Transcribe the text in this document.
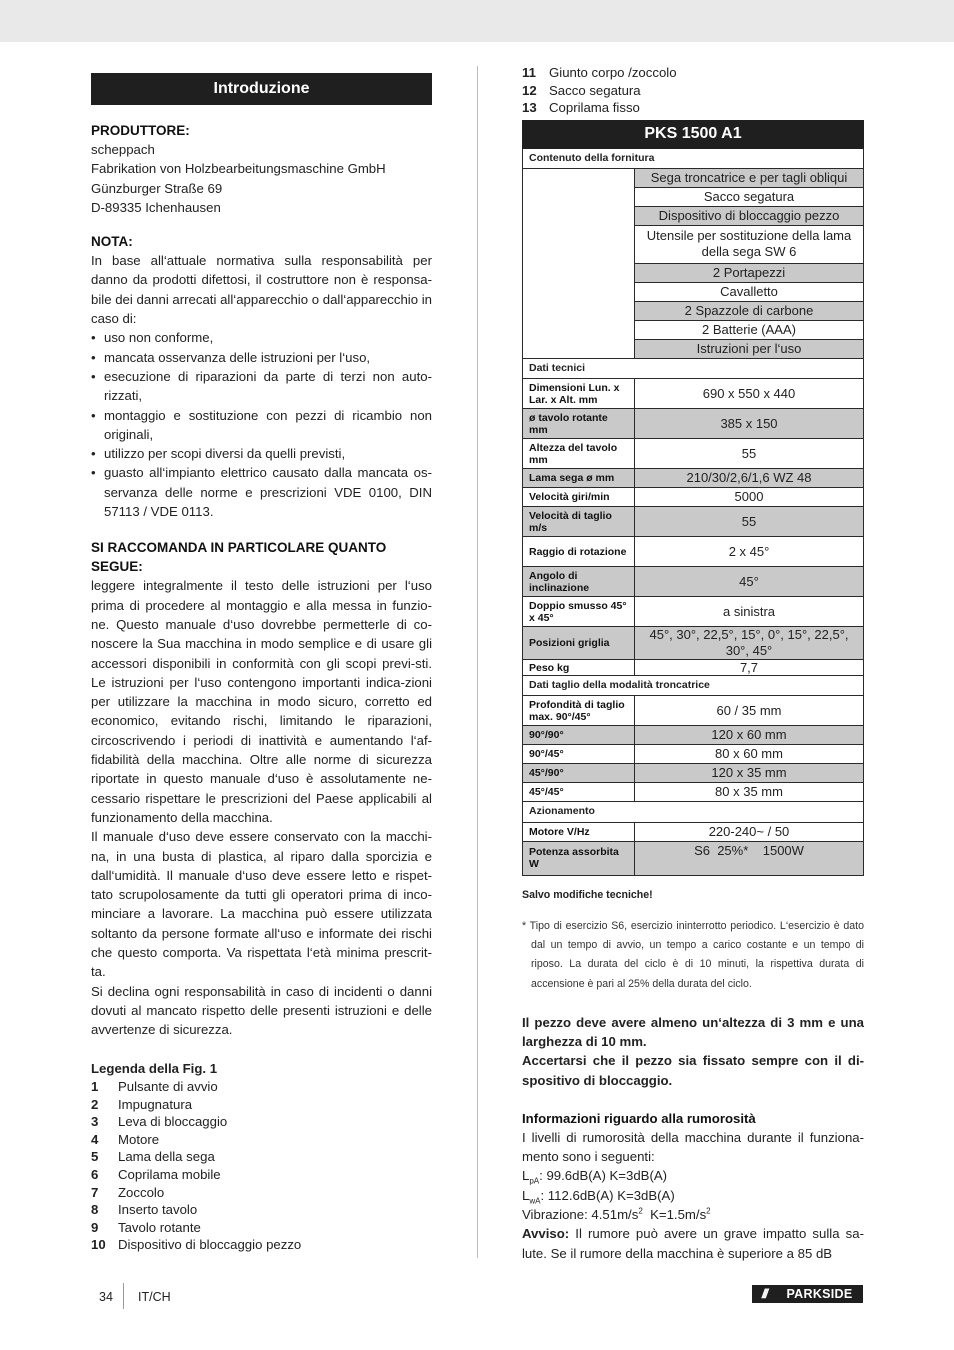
Introduzione
PRODUTTORE:
scheppach
Fabrikation von Holzbearbeitungsmaschine GmbH
Günzburger Straße 69
D-89335 Ichenhausen
NOTA:

In base all‘attuale normativa sulla responsabilità per danno da prodotti difettosi, il costruttore non è responsa-bile dei danni arrecati all‘apparecchio o dall‘apparecchio in caso di:

• uso non conforme,
• mancata osservanza delle istruzioni per l‘uso,
• esecuzione di riparazioni da parte di terzi non auto-rizzati,
• montaggio e sostituzione con pezzi di ricambio non originali,
• utilizzo per scopi diversi da quelli previsti,
• guasto all‘impianto elettrico causato dalla mancata os-servanza delle norme e prescrizioni VDE 0100, DIN 57113 / VDE 0113.
SI RACCOMANDA IN PARTICOLARE QUANTO SEGUE:

leggere integralmente il testo delle istruzioni per l‘uso prima di procedere al montaggio e alla messa in funzio-ne. Questo manuale d‘uso dovrebbe permetterle di co-noscere la Sua macchina in modo semplice e di usare gli accessori disponibili in conformità con gli scopi previ-sti. Le istruzioni per l‘uso contengono importanti indica-zioni per utilizzare la macchina in modo sicuro, corretto ed economico, evitando rischi, limitando le riparazioni, circoscrivendo i periodi di inattività e aumentando l‘af-fidabilità della macchina. Oltre alle norme di sicurezza riportate in questo manuale d‘uso è assolutamente ne-cessario rispettare le prescrizioni del Paese applicabili al funzionamento della macchina.

Il manuale d‘uso deve essere conservato con la macchi-na, in una busta di plastica, al riparo dalla sporcizia e dall‘umidità. Il manuale d‘uso deve essere letto e rispet-tato scrupolosamente da tutti gli operatori prima di inco-minciare a lavorare. La macchina può essere utilizzata soltanto da persone formate all‘uso e informate dei rischi che questo comporta. Va rispettata l‘età minima prescrit-ta.

Si declina ogni responsabilità in caso di incidenti o danni dovuti al mancato rispetto delle presenti istruzioni e delle avvertenze di sicurezza.

Legenda della Fig. 1
1	Pulsante di avvio
2	Impugnatura
3	Leva di bloccaggio
4	Motore
5	Lama della sega
6	Coprilama mobile
7	Zoccolo
8	Inserto tavolo
9	Tavolo rotante
10 Dispositivo di bloccaggio pezzo
11 Giunto corpo /zoccolo
12 Sacco segatura
13 Coprilama fisso
PKS 1500 A1	
Contenuto della fornitura	
	Sega troncatrice e per tagli obliqui
	Sacco segatura
	Dispositivo di bloccaggio pezzo
	Utensile per sostituzione della lama della sega SW 6
	2 Portapezzi
	Cavalletto
	2 Spazzole di carbone
	2 Batterie (AAA)
	Istruzioni per l‘uso
Dati tecnici	
Dimensioni Lun. x Lar. x Alt. mm	690 x 550 x 440
ø tavolo rotante mm	385 x 150
Altezza del tavolo mm	55
Lama sega ø mm	210/30/2,6/1,6 WZ 48
Velocità giri/min	5000
Velocità di taglio m/s	55
Raggio di rotazione	2 x 45°
Angolo di inclinazione	45°
Doppio smusso 45° x 45°	a sinistra
Posizioni griglia	45°, 30°, 22,5°, 15°, 0°, 15°, 22,5°, 30°, 45°
Peso kg	7,7
Dati taglio della modalità troncatrice	
Profondità di taglio max. 90°/45°	60 / 35 mm
90°/90°	120 x 60 mm
90°/45°	80 x 60 mm
45°/90°	120 x 35 mm
45°/45°	80 x 35 mm
Azionamento	
Motore V/Hz	220-240~ / 50
Potenza assorbita W	S6  25%*    1500W
Salvo modifiche tecniche!
* Tipo di esercizio S6, esercizio ininterrotto periodico. L‘esercizio è dato dal un tempo di avvio, un tempo a carico costante e un tempo di riposo. La durata del ciclo è di 10 minuti, la rispettiva durata di accensione è pari al 25% della durata del ciclo.

Il pezzo deve avere almeno un‘altezza di 3 mm e una larghezza di 10 mm.

Accertarsi che il pezzo sia fissato sempre con il di-spositivo di bloccaggio.

Informazioni riguardo alla rumorosità

I livelli di rumorosità della macchina durante il funziona-mento sono i seguenti:

$L_{pA}$: 99.6dB(A) K=3dB(A)
$L_{wA}$: 112.6dB(A) K=3dB(A)
Vibrazione: $4.51m/s^2$  $K=1.5m/s^2$

Avviso: Il rumore può avere un grave impatto sulla sa-lute. Se il rumore della macchina è superiore a 85 dB

34 IT/CH	///	PARKSIDE
